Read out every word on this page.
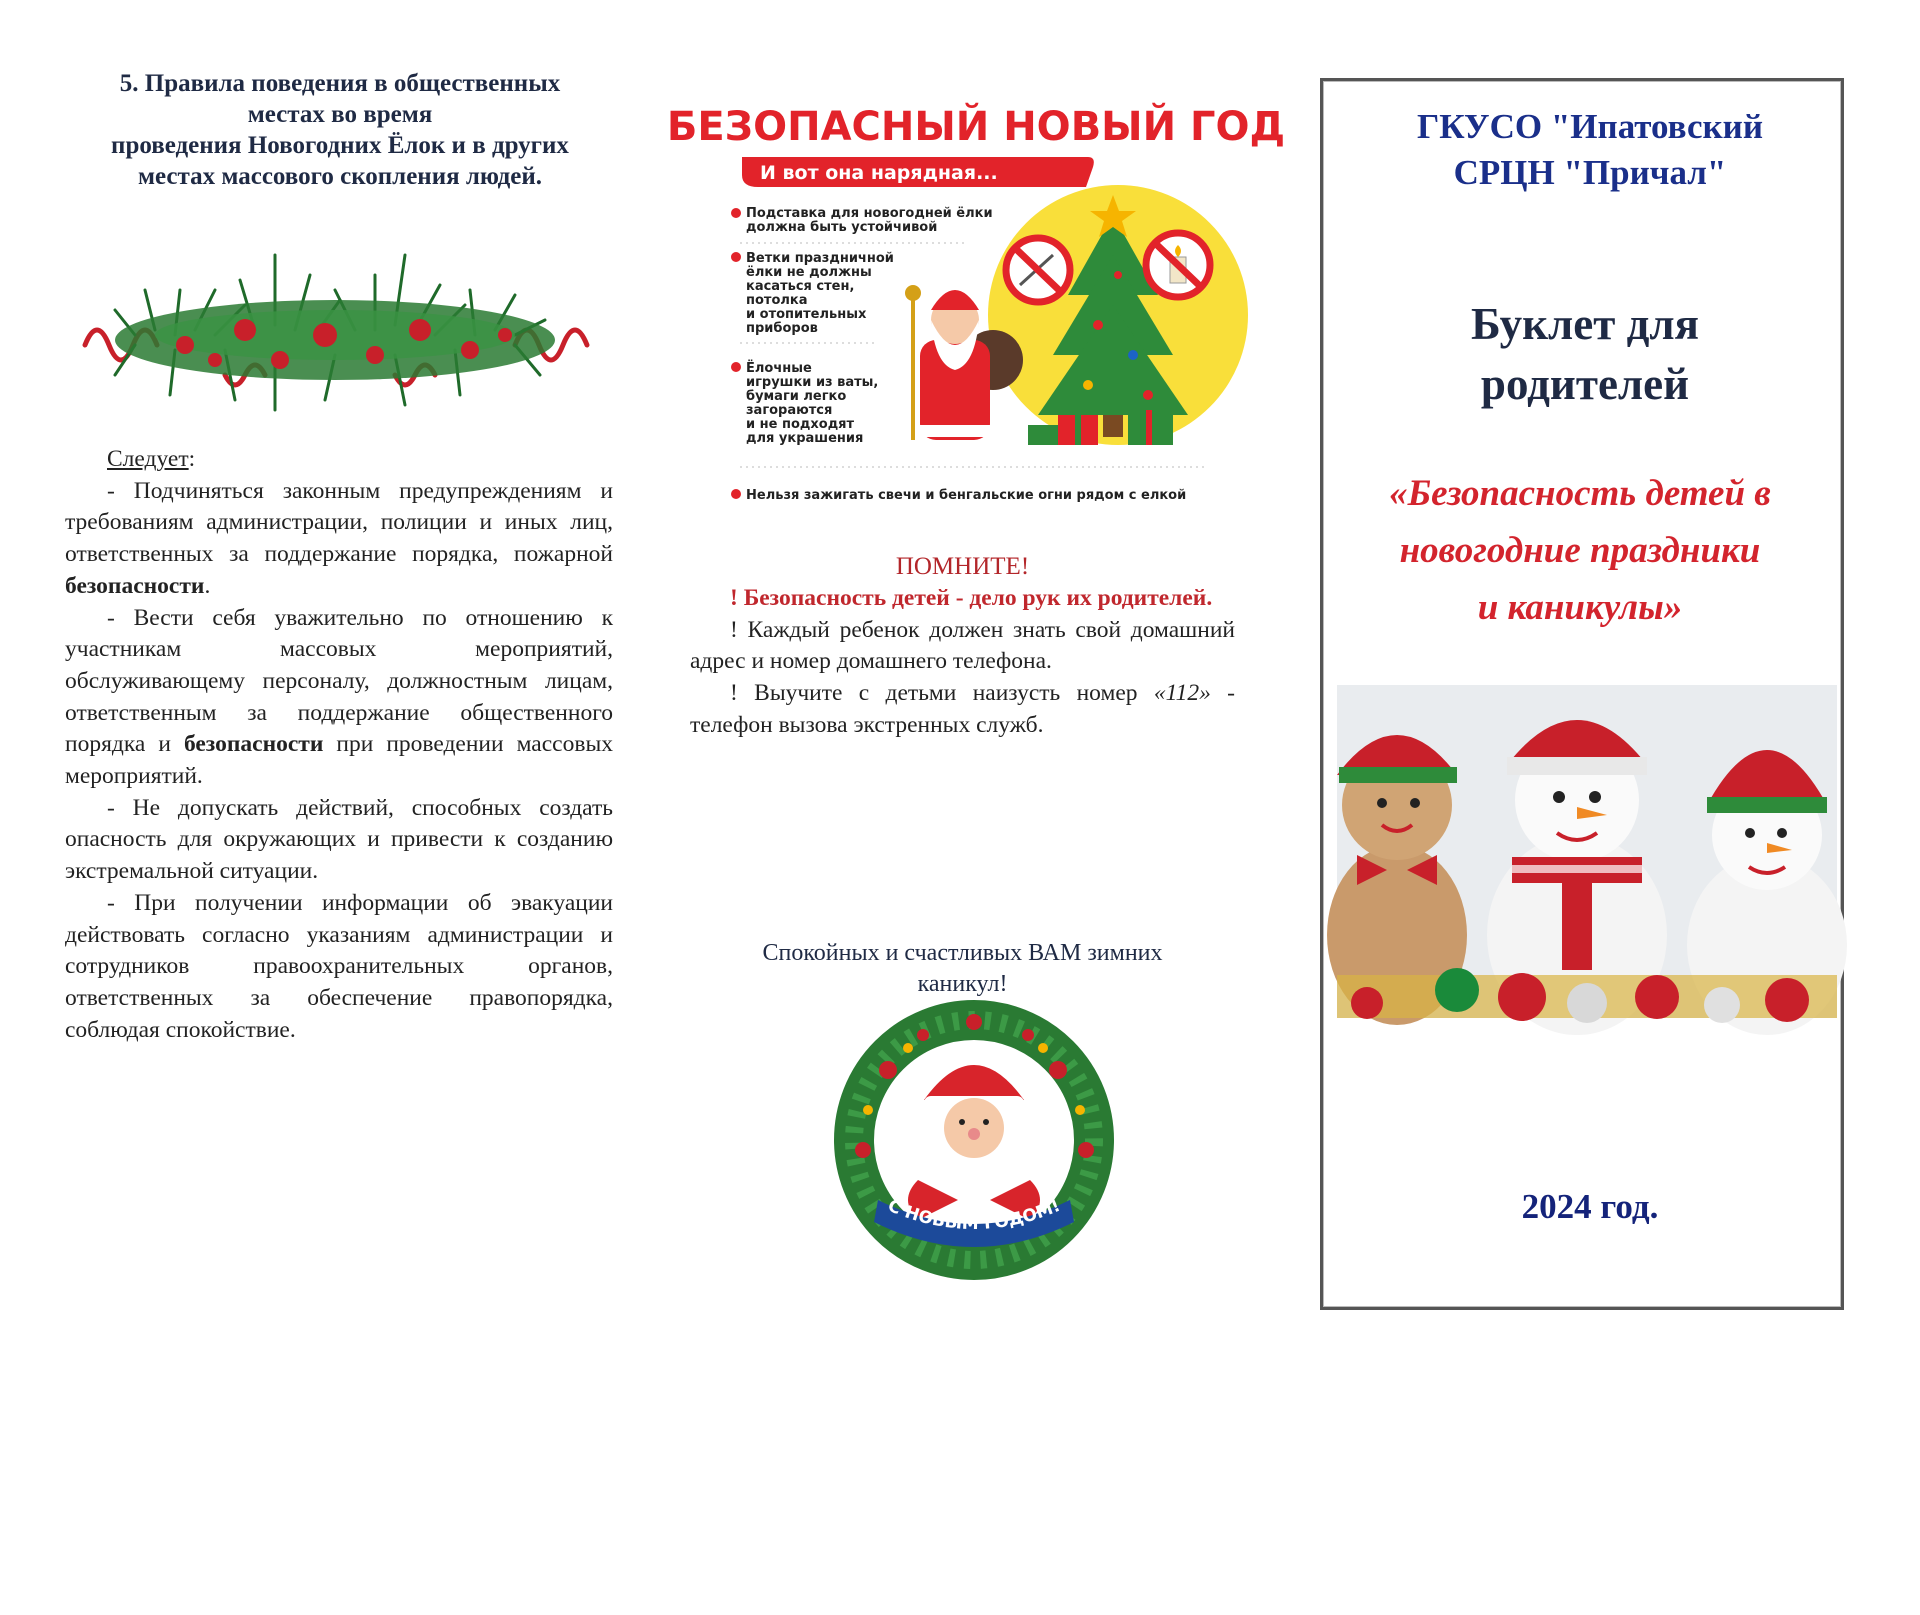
5. Правила поведения в общественных
местах во время
проведения Новогодних Ёлок и в других
местах массового скопления людей.

Следует:

- Подчиняться законным предупреждениям и требованиям администрации, полиции и иных лиц, ответственных за поддержание порядка, пожарной безопасности.

- Вести себя уважительно по отношению к участникам массовых мероприятий, обслуживающему персоналу, должностным лицам, ответственным за поддержание общественного порядка и безопасности при проведении массовых мероприятий.

- Не допускать действий, способных создать опасность для окружающих и привести к созданию экстремальной ситуации.

- При получении информации об эвакуации действовать согласно указаниям администрации и сотрудников правоохранительных органов, ответственных за обеспечение правопорядка, соблюдая спокойствие.

БЕЗОПАСНЫЙ НОВЫЙ ГОД
И вот она нарядная...
Подставка для новогодней ёлки
должна быть устойчивой
Ветки праздничной
ёлки не должны
касаться стен,
потолка
и отопительных
приборов
Ёлочные
игрушки из ваты,
бумаги легко
загораются
и не подходят
для украшения
Нельзя зажигать свечи и бенгальские огни рядом с елкой
ПОМНИТЕ!

! Безопасность детей - дело рук их родителей.

! Каждый ребенок должен знать свой домашний адрес и номер домашнего телефона.

! Выучите с детьми наизусть номер «112» - телефон вызова экстренных служб.

Спокойных и счастливых ВАМ зимних
каникул!
С НОВЫМ ГОДОМ!
ГКУСО "Ипатовский
СРЦН "Причал"
Буклет для
родителей
«Безопасность детей в
новогодние праздники
и каникулы»
2024 год.
